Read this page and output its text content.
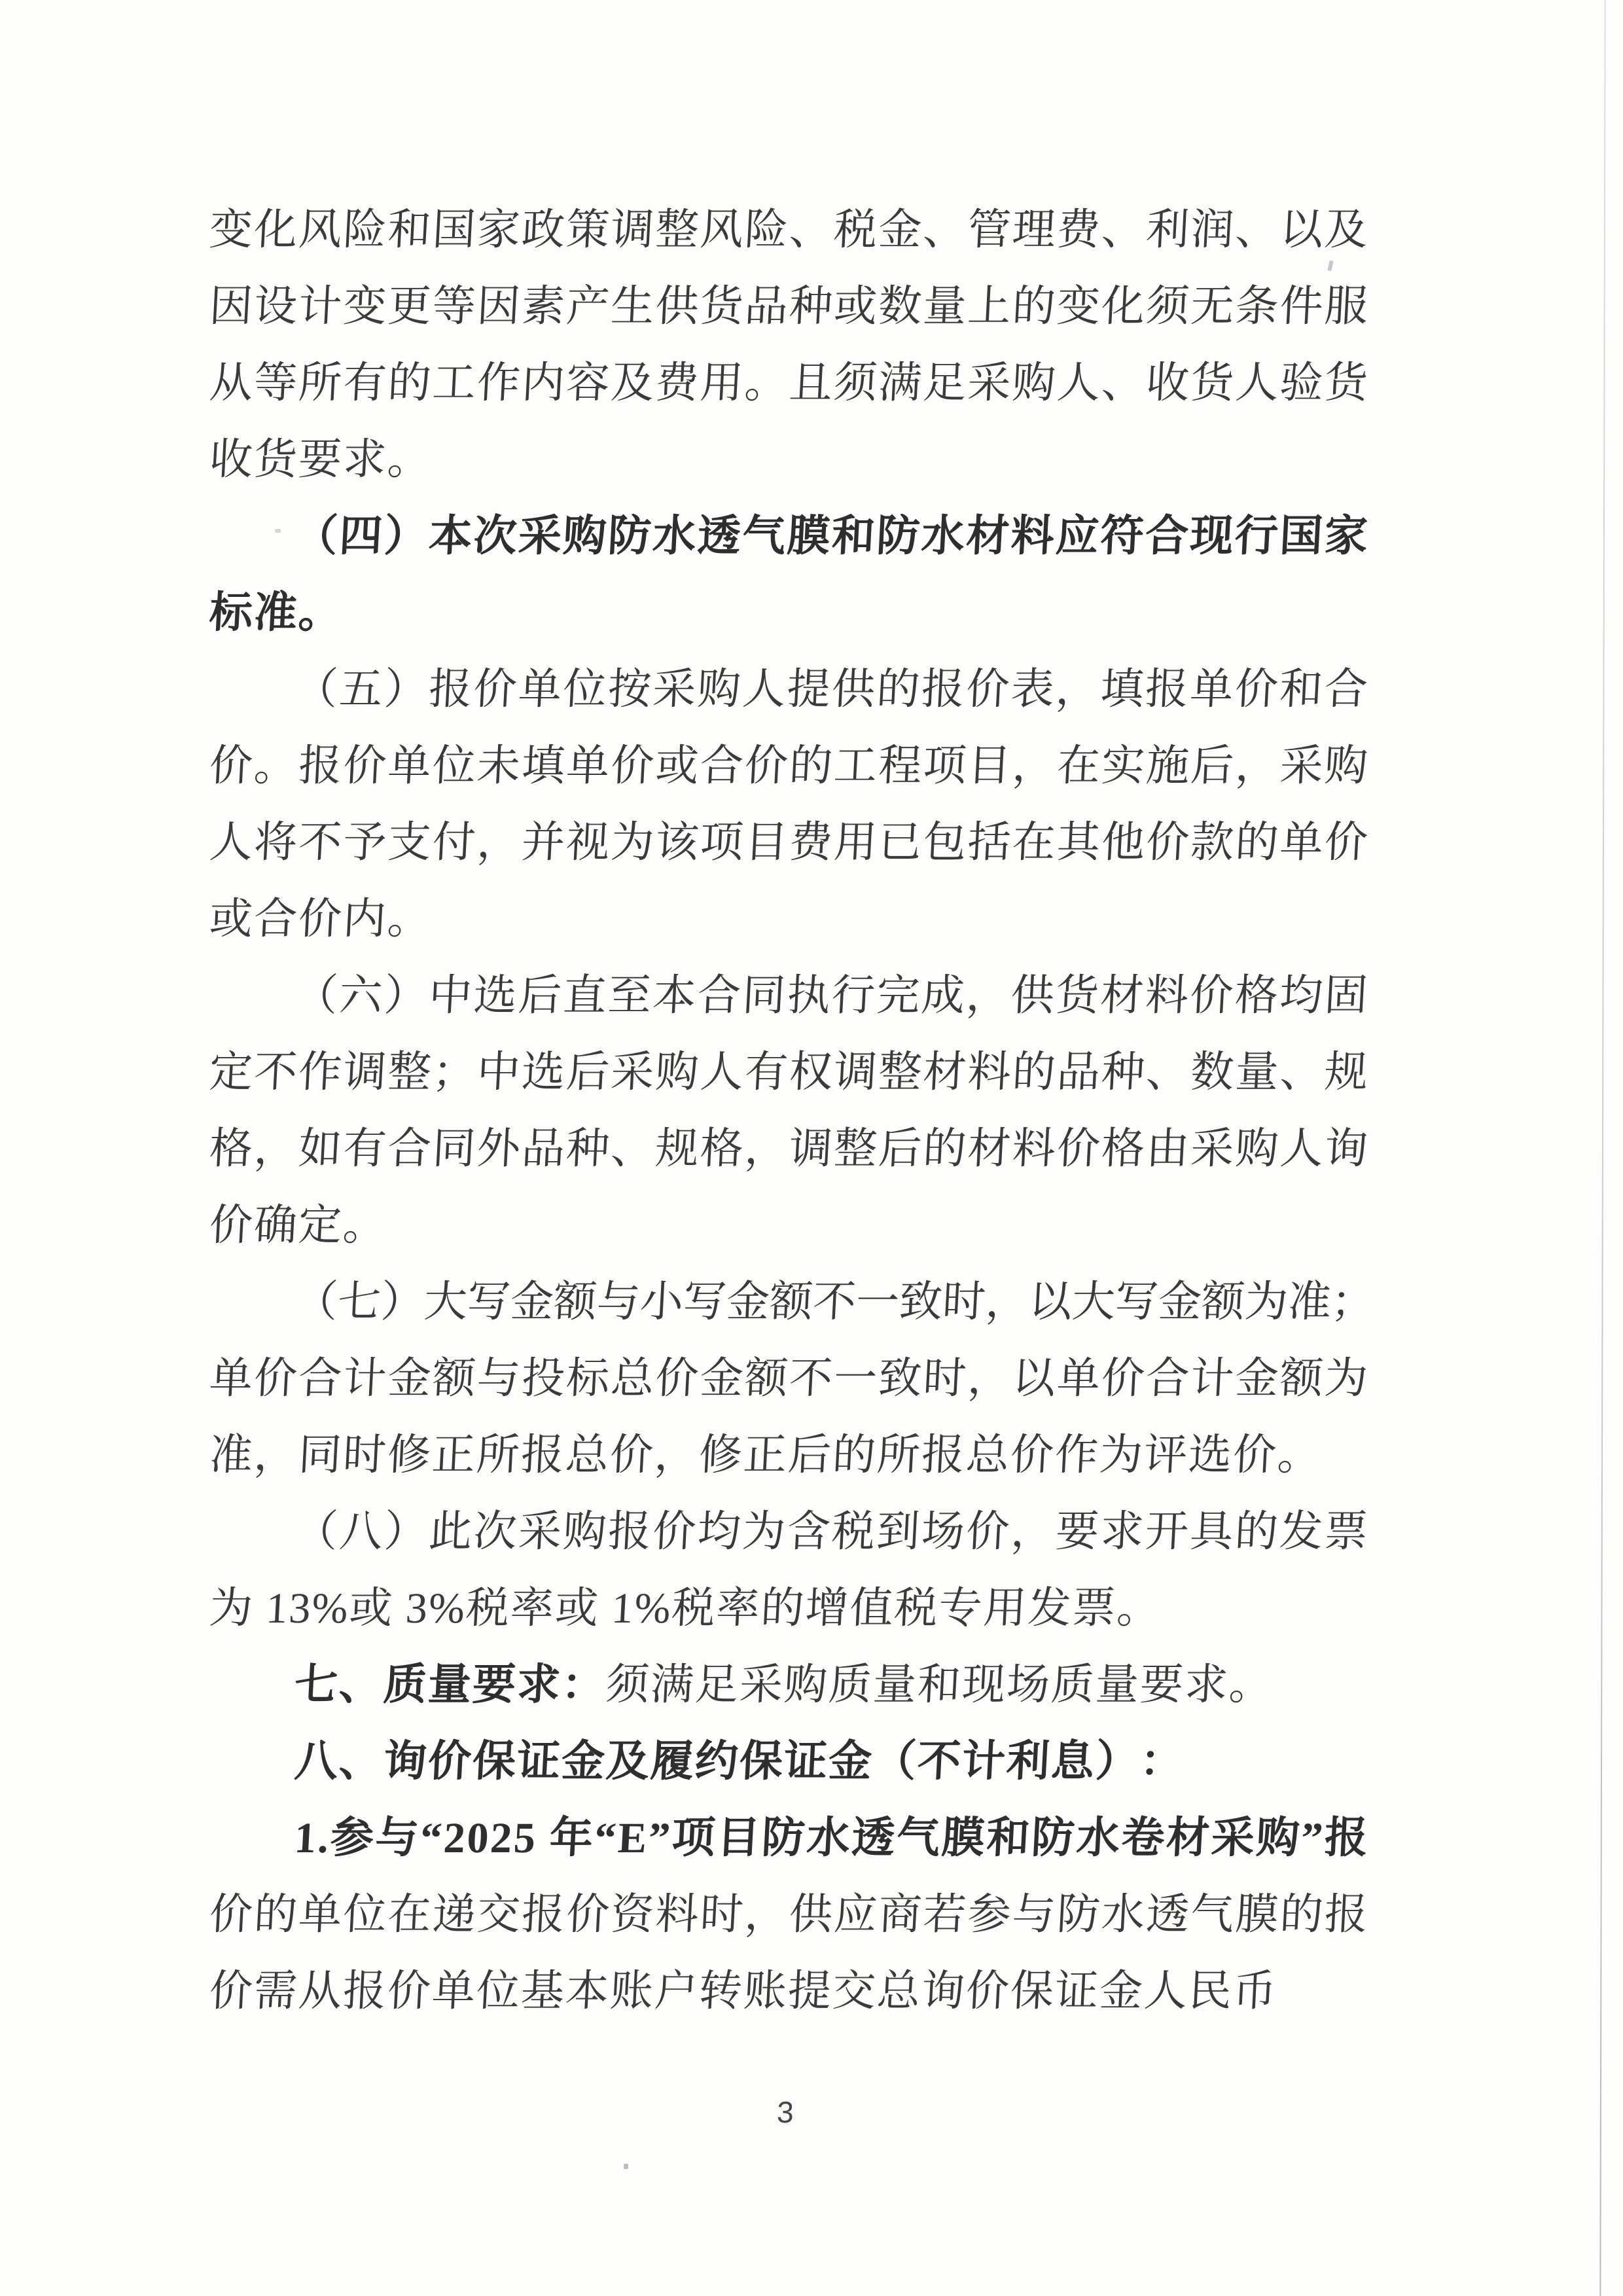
变
化
风
险
和
国
家
政
策
调
整
风
险
、
税
金
、
管
理
费
、
利
润
、
以
及
因
设
计
变
更
等
因
素
产
生
供
货
品
种
或
数
量
上
的
变
化
须
无
条
件
服
从
等
所
有
的
工
作
内
容
及
费
用
。
且
须
满
足
采
购
人
、
收
货
人
验
货
收
货
要
求
。
（
四
）
本
次
采
购
防
水
透
气
膜
和
防
水
材
料
应
符
合
现
行
国
家
标
准
。
（
五
）
报
价
单
位
按
采
购
人
提
供
的
报
价
表
，
填
报
单
价
和
合
价
。
报
价
单
位
未
填
单
价
或
合
价
的
工
程
项
目
，
在
实
施
后
，
采
购
人
将
不
予
支
付
，
并
视
为
该
项
目
费
用
已
包
括
在
其
他
价
款
的
单
价
或
合
价
内
。
（
六
）
中
选
后
直
至
本
合
同
执
行
完
成
，
供
货
材
料
价
格
均
固
定
不
作
调
整
；
中
选
后
采
购
人
有
权
调
整
材
料
的
品
种
、
数
量
、
规
格
，
如
有
合
同
外
品
种
、
规
格
，
调
整
后
的
材
料
价
格
由
采
购
人
询
价
确
定
。
（
七
）
大
写
金
额
与
小
写
金
额
不
一
致
时
，
以
大
写
金
额
为
准
；
单
价
合
计
金
额
与
投
标
总
价
金
额
不
一
致
时
，
以
单
价
合
计
金
额
为
准
，
同
时
修
正
所
报
总
价
，
修
正
后
的
所
报
总
价
作
为
评
选
价
。
（
八
）
此
次
采
购
报
价
均
为
含
税
到
场
价
，
要
求
开
具
的
发
票
为
1
3
%
或
3
%
税
率
或
1
%
税
率
的
增
值
税
专
用
发
票
。
七
、
质
量
要
求
：
须
满
足
采
购
质
量
和
现
场
质
量
要
求
。
八
、
询
价
保
证
金
及
履
约
保
证
金
（
不
计
利
息
）
：
1
.
参
与
“
2
0
2
5
年
“
E
”
项
目
防
水
透
气
膜
和
防
水
卷
材
采
购
”
报
价
的
单
位
在
递
交
报
价
资
料
时
，
供
应
商
若
参
与
防
水
透
气
膜
的
报
价
需
从
报
价
单
位
基
本
账
户
转
账
提
交
总
询
价
保
证
金
人
民
币
3
